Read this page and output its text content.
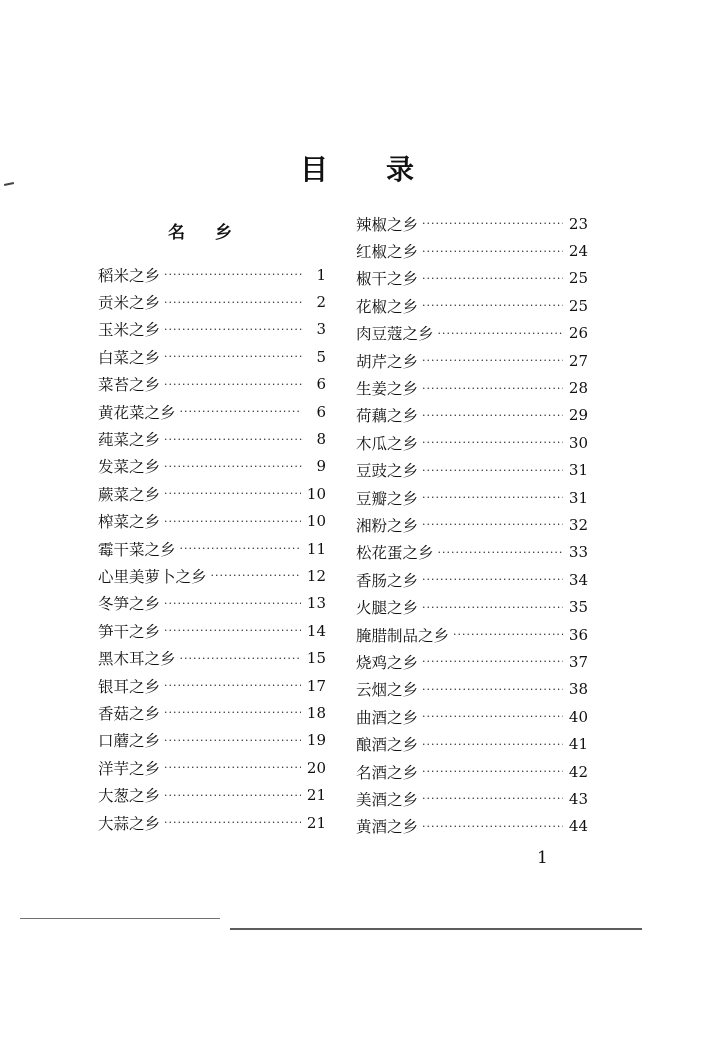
目录
名乡
稻米之乡 ·····	1
贡米之乡 ·····	2
玉米之乡 ·····	3
白菜之乡 ·····	5
菜苔之乡 ·····	6
黄花菜之乡 ·····	6
莼菜之乡 ·····	8
发菜之乡 ·····	9
蕨菜之乡 ·····	10
榨菜之乡 ·····	10
霉干菜之乡 ·····	11
心里美萝卜之乡 ·····	12
冬笋之乡 ·····	13
笋干之乡 ·····	14
黑木耳之乡 ·····	15
银耳之乡 ·····	17
香菇之乡 ·····	18
口蘑之乡 ·····	19
洋芋之乡 ·····	20
大葱之乡 ·····	21
大蒜之乡 ·····	21
辣椒之乡 ·····	23
红椒之乡 ·····	24
椒干之乡 ·····	25
花椒之乡 ·····	25
肉豆蔻之乡 ·····	26
胡芹之乡 ·····	27
生姜之乡 ·····	28
荷藕之乡 ·····	29
木瓜之乡 ·····	30
豆豉之乡 ·····	31
豆瓣之乡 ·····	31
湘粉之乡 ·····	32
松花蛋之乡 ·····	33
香肠之乡 ·····	34
火腿之乡 ·····	35
腌腊制品之乡 ·····	36
烧鸡之乡 ·····	37
云烟之乡 ·····	38
曲酒之乡 ·····	40
酿酒之乡 ·····	41
名酒之乡 ·····	42
美酒之乡 ·····	43
黄酒之乡 ·····	44
1
